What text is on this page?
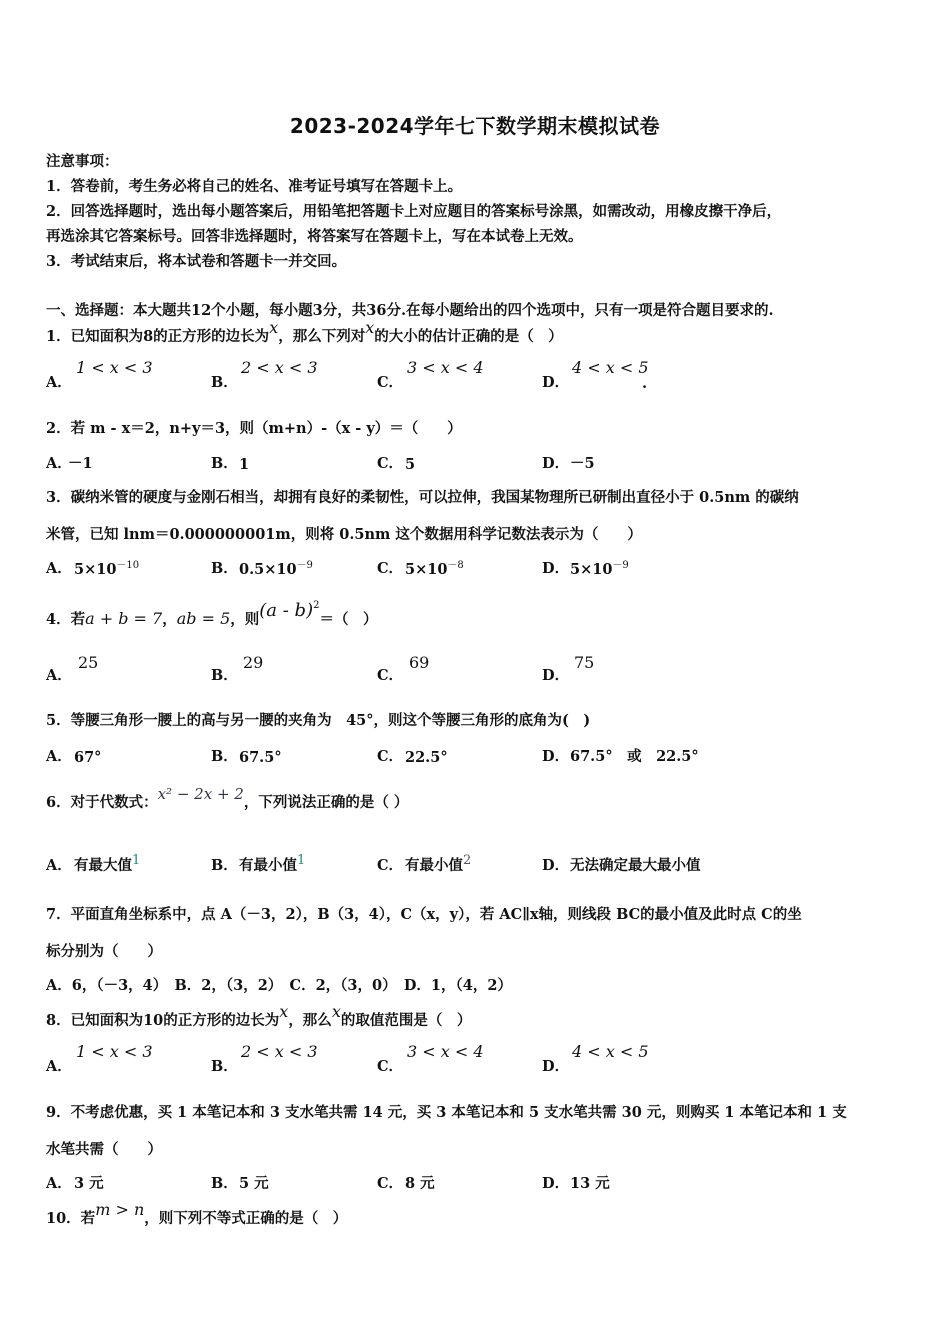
2023-2024学年七下数学期末模拟试卷
注意事项：
1．答卷前，考生务必将自己的姓名、准考证号填写在答题卡上。
2．回答选择题时，选出每小题答案后，用铅笔把答题卡上对应题目的答案标号涂黑，如需改动，用橡皮擦干净后，
再选涂其它答案标号。回答非选择题时，将答案写在答题卡上，写在本试卷上无效。
3．考试结束后，将本试卷和答题卡一并交回。
一、选择题：本大题共12个小题，每小题3分，共36分.在每小题给出的四个选项中，只有一项是符合题目要求的.
1．已知面积为8的正方形的边长为x，那么下列对x的大小的估计正确的是（　）
A．
1 < x < 3
B．
2 < x < 3
C．
3 < x < 4
D．
4 < x < 5
.
2．若 m - x＝2，n+y＝3，则（m+n）-（x - y）＝（　　）
A．
－1	B． 1	C． 5	D． －5
3．碳纳米管的硬度与金刚石相当，却拥有良好的柔韧性，可以拉伸，我国某物理所已研制出直径小于 0.5nm 的碳纳
米管，已知 lnm＝0.000000001m，则将 0.5nm 这个数据用科学记数法表示为（　　）
A． $5\times 10^{-10}$	B． $0.5\times 10^{-9}$	C． $5\times 10^{-8}$	D． $5\times 10^{-9}$
4．若a + b = 7，ab = 5，则(a - b)$^2$＝（　）
A．
25
B．
29
C．
69
D．
75
5．等腰三角形一腰上的高与另一腰的夹角为　45°，则这个等腰三角形的底角为(　)
A． 67°	B． 67.5°	C． 22.5°	D． 67.5°　或　22.5°
6．对于代数式：x² − 2x + 2，下列说法正确的是（ ）
A． 有最大值1	B． 有最小值1	C． 有最小值2	D． 无法确定最大最小值
7．平面直角坐标系中，点 A（－3，2），B（3，4），C（x，y），若 AC∥x轴，则线段 BC的最小值及此时点 C的坐
标分别为（　　）
A．6，（－3，4）　B．2，（3，2）　C．2，（3，0）　D．1，（4，2）
8．已知面积为10的正方形的边长为x，那么x的取值范围是（　）
A．
1 < x < 3
B．
2 < x < 3
C．
3 < x < 4
D．
4 < x < 5
9．不考虑优惠，买 1 本笔记本和 3 支水笔共需 14 元，买 3 本笔记本和 5 支水笔共需 30 元，则购买 1 本笔记本和 1 支
水笔共需（　　）
A． 3 元	B． 5 元	C． 8 元	D． 13 元
10．若m > n，则下列不等式正确的是（　）
